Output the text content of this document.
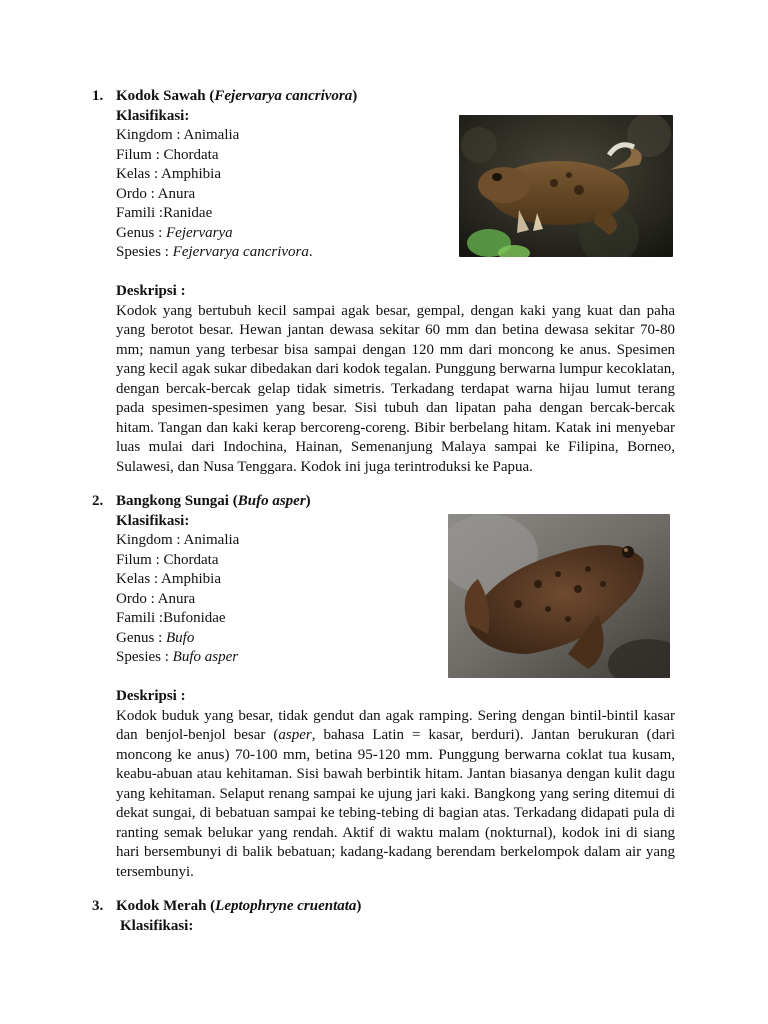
1. Kodok Sawah (Fejervarya cancrivora)
Klasifikasi:
Kingdom : Animalia
Filum : Chordata
Kelas : Amphibia
Ordo : Anura
Famili :Ranidae
Genus : Fejervarya
Spesies : Fejervarya cancrivora.
Deskripsi :
Kodok yang bertubuh kecil sampai agak besar, gempal, dengan kaki yang kuat dan paha yang berotot besar. Hewan jantan dewasa sekitar 60 mm dan betina dewasa sekitar 70-80 mm; namun yang terbesar bisa sampai dengan 120 mm dari moncong ke anus. Spesimen yang kecil agak sukar dibedakan dari kodok tegalan. Punggung berwarna lumpur kecoklatan, dengan bercak-bercak gelap tidak simetris. Terkadang terdapat warna hijau lumut terang pada spesimen-spesimen yang besar. Sisi tubuh dan lipatan paha dengan bercak-bercak hitam. Tangan dan kaki kerap bercoreng-coreng. Bibir berbelang hitam. Katak ini menyebar luas mulai dari Indochina, Hainan, Semenanjung Malaya sampai ke Filipina, Borneo, Sulawesi, dan Nusa Tenggara. Kodok ini juga terintroduksi ke Papua.
2. Bangkong Sungai (Bufo asper)
Klasifikasi:
Kingdom : Animalia
Filum : Chordata
Kelas : Amphibia
Ordo : Anura
Famili :Bufonidae
Genus : Bufo
Spesies : Bufo asper
Deskripsi :
Kodok buduk yang besar, tidak gendut dan agak ramping. Sering dengan bintil-bintil kasar dan benjol-benjol besar (asper, bahasa Latin = kasar, berduri). Jantan berukuran (dari moncong ke anus) 70-100 mm, betina 95-120 mm. Punggung berwarna coklat tua kusam, keabu-abuan atau kehitaman. Sisi bawah berbintik hitam. Jantan biasanya dengan kulit dagu yang kehitaman. Selaput renang sampai ke ujung jari kaki. Bangkong yang sering ditemui di dekat sungai, di bebatuan sampai ke tebing-tebing di bagian atas. Terkadang didapati pula di ranting semak belukar yang rendah. Aktif di waktu malam (nokturnal), kodok ini di siang hari bersembunyi di balik bebatuan; kadang-kadang berendam berkelompok dalam air yang tersembunyi.
3. Kodok Merah (Leptophryne cruentata)
Klasifikasi:
